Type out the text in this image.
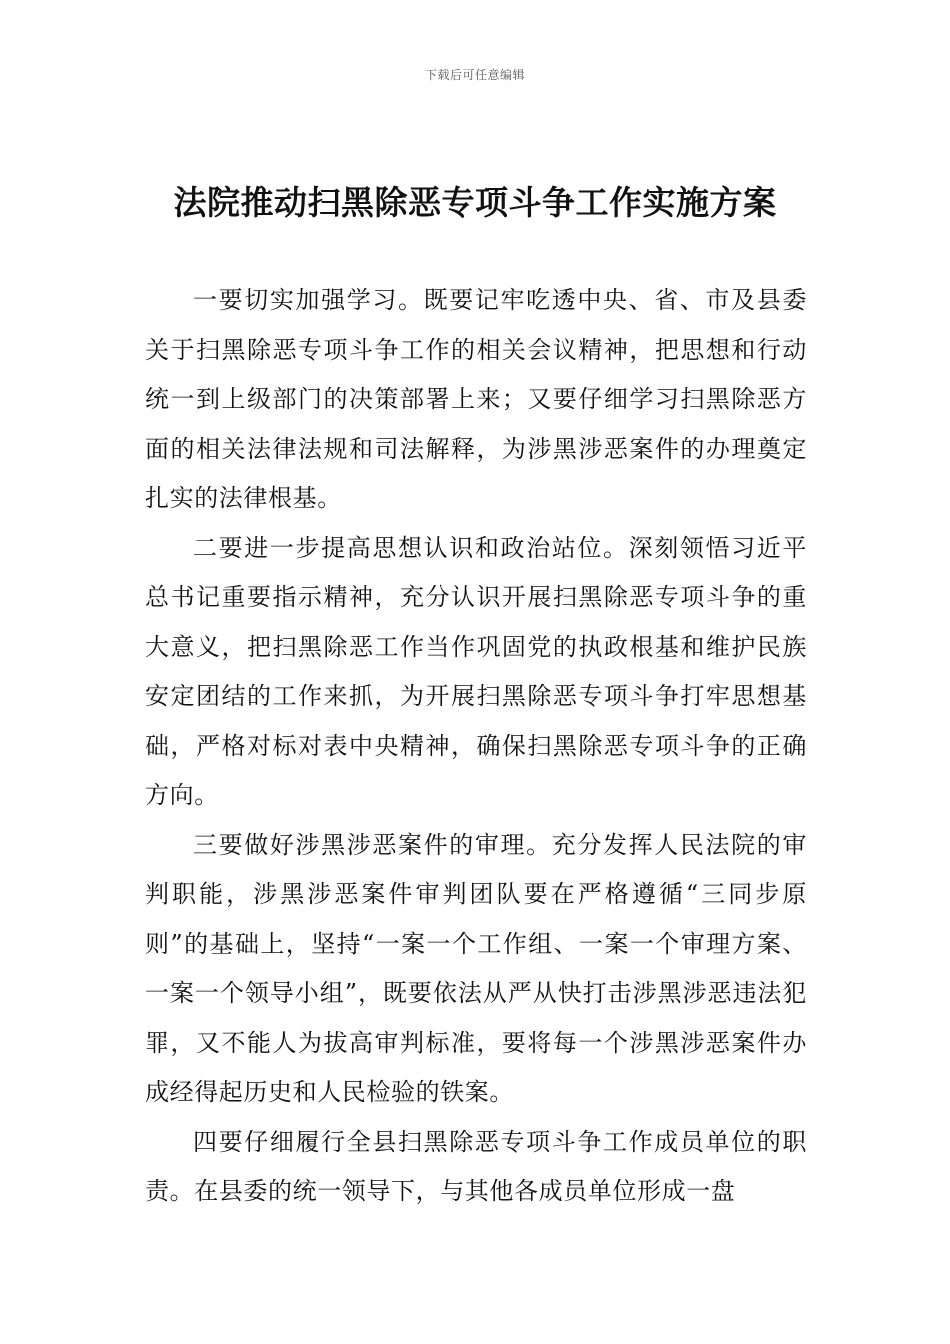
下载后可任意编辑
法院推动扫黑除恶专项斗争工作实施方案

一要切实加强学习。既要记牢吃透中央、省、市及县委关于扫黑除恶专项斗争工作的相关会议精神，把思想和行动统一到上级部门的决策部署上来；又要仔细学习扫黑除恶方面的相关法律法规和司法解释，为涉黑涉恶案件的办理奠定扎实的法律根基。

二要进一步提高思想认识和政治站位。深刻领悟习近平总书记重要指示精神，充分认识开展扫黑除恶专项斗争的重大意义，把扫黑除恶工作当作巩固党的执政根基和维护民族安定团结的工作来抓，为开展扫黑除恶专项斗争打牢思想基础，严格对标对表中央精神，确保扫黑除恶专项斗争的正确方向。

三要做好涉黑涉恶案件的审理。充分发挥人民法院的审判职能，涉黑涉恶案件审判团队要在严格遵循“三同步原则”的基础上，坚持“一案一个工作组、一案一个审理方案、一案一个领导小组”，既要依法从严从快打击涉黑涉恶违法犯罪，又不能人为拔高审判标准，要将每一个涉黑涉恶案件办成经得起历史和人民检验的铁案。

四要仔细履行全县扫黑除恶专项斗争工作成员单位的职责。在县委的统一领导下，与其他各成员单位形成一盘
